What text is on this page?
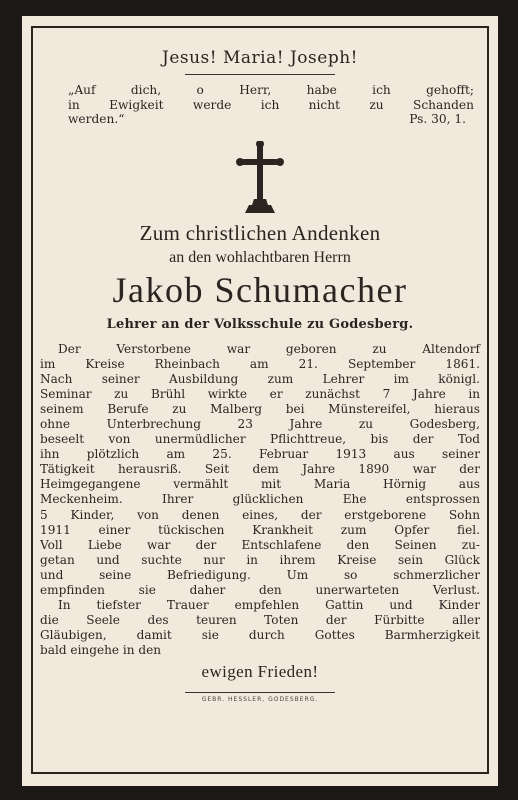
Jesus! Maria! Joseph!

„Auf dich, o Herr, habe ich gehofft;
in Ewigkeit werde ich nicht zu Schanden
werden.“	Ps. 30, 1.

Zum christlichen Andenken

an den wohlachtbaren Herrn

Jakob Schumacher

Lehrer an der Volksschule zu Godesberg.

Der Verstorbene war geboren zu Altendorf
im Kreise Rheinbach am 21. September 1861.
Nach seiner Ausbildung zum Lehrer im königl.
Seminar zu Brühl wirkte er zunächst 7 Jahre in
seinem Berufe zu Malberg bei Münstereifel, hieraus
ohne Unterbrechung 23 Jahre zu Godesberg,
beseelt von unermüdlicher Pflichttreue, bis der Tod
ihn plötzlich am 25. Februar 1913 aus seiner
Tätigkeit herausriß. Seit dem Jahre 1890 war der
Heimgegangene vermählt mit Maria Hörnig aus
Meckenheim. Ihrer glücklichen Ehe entsprossen
5 Kinder, von denen eines, der erstgeborene Sohn
1911 einer tückischen Krankheit zum Opfer fiel.
Voll Liebe war der Entschlafene den Seinen zu-
getan und suchte nur in ihrem Kreise sein Glück
und seine Befriedigung. Um so schmerzlicher
empfinden sie daher den unerwarteten Verlust.
In tiefster Trauer empfehlen Gattin und Kinder
die Seele des teuren Toten der Fürbitte aller
Gläubigen, damit sie durch Gottes Barmherzigkeit
bald eingehe in den

ewigen Frieden!

GEBR. HESSLER, GODESBERG.
